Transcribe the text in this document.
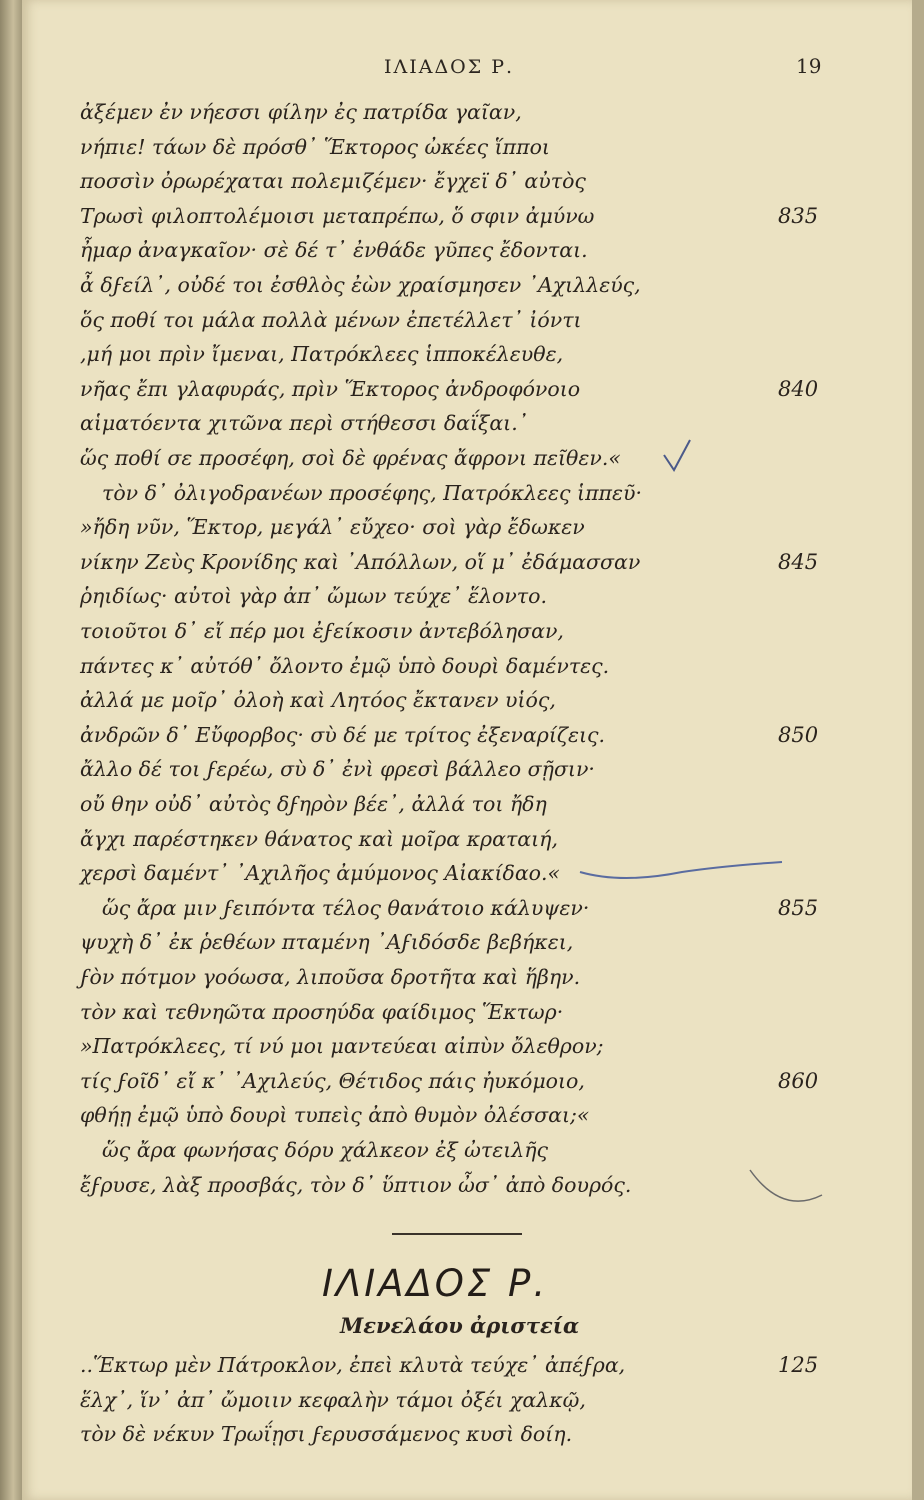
ΙΛΙΑΔΟΣ Ρ.	19
ἀξέμεν ἐν νήεσσι φίλην ἐς πατρίδα γαῖαν,
νήπιε! τάων δὲ πρόσθ᾽ Ἕκτορος ὠκέες ἵπποι
ποσσὶν ὀρωρέχαται πολεμιζέμεν· ἔγχεϊ δ᾽ αὐτὸς
Τρωσὶ φιλοπτολέμοισι μεταπρέπω, ὅ σφιν ἀμύνω	835
ἦμαρ ἀναγκαῖον· σὲ δέ τ᾽ ἐνθάδε γῦπες ἔδονται.
ἆ δϝείλ᾽, οὐδέ τοι ἐσθλὸς ἐὼν χραίσμησεν ᾽Αχιλλεύς,
ὅς ποθί τοι μάλα πολλὰ μένων ἐπετέλλετ᾽ ἰόντι
,μή μοι πρὶν ἴμεναι, Πατρόκλεες ἱπποκέλευθε,
νῆας ἔπι γλαφυράς, πρὶν Ἕκτορος ἀνδροφόνοιο	840
αἱματόεντα χιτῶνα περὶ στήθεσσι δαΐξαι.᾽
ὥς ποθί σε προσέφη, σοὶ δὲ φρένας ἄφρονι πεῖθεν.«
τὸν δ᾽ ὀλιγοδρανέων προσέφης, Πατρόκλεες ἱππεῦ·
»ἤδη νῦν, Ἕκτορ, μεγάλ᾽ εὔχεο· σοὶ γὰρ ἔδωκεν
νίκην Ζεὺς Κρονίδης καὶ ᾽Απόλλων, οἵ μ᾽ ἐδάμασσαν	845
ῥηιδίως· αὐτοὶ γὰρ ἀπ᾽ ὤμων τεύχε᾽ ἕλοντο.
τοιοῦτοι δ᾽ εἴ πέρ μοι ἐϝείκοσιν ἀντεβόλησαν,
πάντες κ᾽ αὐτόθ᾽ ὄλοντο ἐμῷ ὑπὸ δουρὶ δαμέντες.
ἀλλά με μοῖρ᾽ ὀλοὴ καὶ Λητόος ἔκτανεν υἱός,
ἀνδρῶν δ᾽ Εὔφορβος· σὺ δέ με τρίτος ἐξεναρίζεις.	850
ἄλλο δέ τοι ϝερέω, σὺ δ᾽ ἐνὶ φρεσὶ βάλλεο σῇσιν·
οὔ θην οὐδ᾽ αὐτὸς δϝηρὸν βέε᾽, ἀλλά τοι ἤδη
ἄγχι παρέστηκεν θάνατος καὶ μοῖρα κραταιή,
χερσὶ δαμέντ᾽ ᾽Αχιλῆος ἀμύμονος Αἰακίδαο.«
ὥς ἄρα μιν ϝειπόντα τέλος θανάτοιο κάλυψεν·	855
ψυχὴ δ᾽ ἐκ ῥεθέων πταμένη ᾽Αϝιδόσδε βεβήκει,
ϝὸν πότμον γοόωσα, λιποῦσα δροτῆτα καὶ ἥβην.
τὸν καὶ τεθνηῶτα προσηύδα φαίδιμος Ἕκτωρ·
»Πατρόκλεες, τί νύ μοι μαντεύεαι αἰπὺν ὄλεθρον;
τίς ϝοῖδ᾽ εἴ κ᾽ ᾽Αχιλεύς, Θέτιδος πάις ἠυκόμοιο,	860
φθήῃ ἐμῷ ὑπὸ δουρὶ τυπεὶς ἀπὸ θυμὸν ὀλέσσαι;«
ὥς ἄρα φωνήσας δόρυ χάλκεον ἐξ ὠτειλῆς
ἔϝρυσε, λὰξ προσβάς, τὸν δ᾽ ὕπτιον ὦσ᾽ ἀπὸ δουρός.
ΙΛΙΑΔΟΣ Ρ.
Μενελάου ἀριστεία
..Ἕκτωρ μὲν Πάτροκλον, ἐπεὶ κλυτὰ τεύχε᾽ ἀπέϝρα,	125
ἕλχ᾽, ἵν᾽ ἀπ᾽ ὤμοιιν κεφαλὴν τάμοι ὀξέι χαλκῷ,
τὸν δὲ νέκυν Τρωΐῃσι ϝερυσσάμενος κυσὶ δοίη.
